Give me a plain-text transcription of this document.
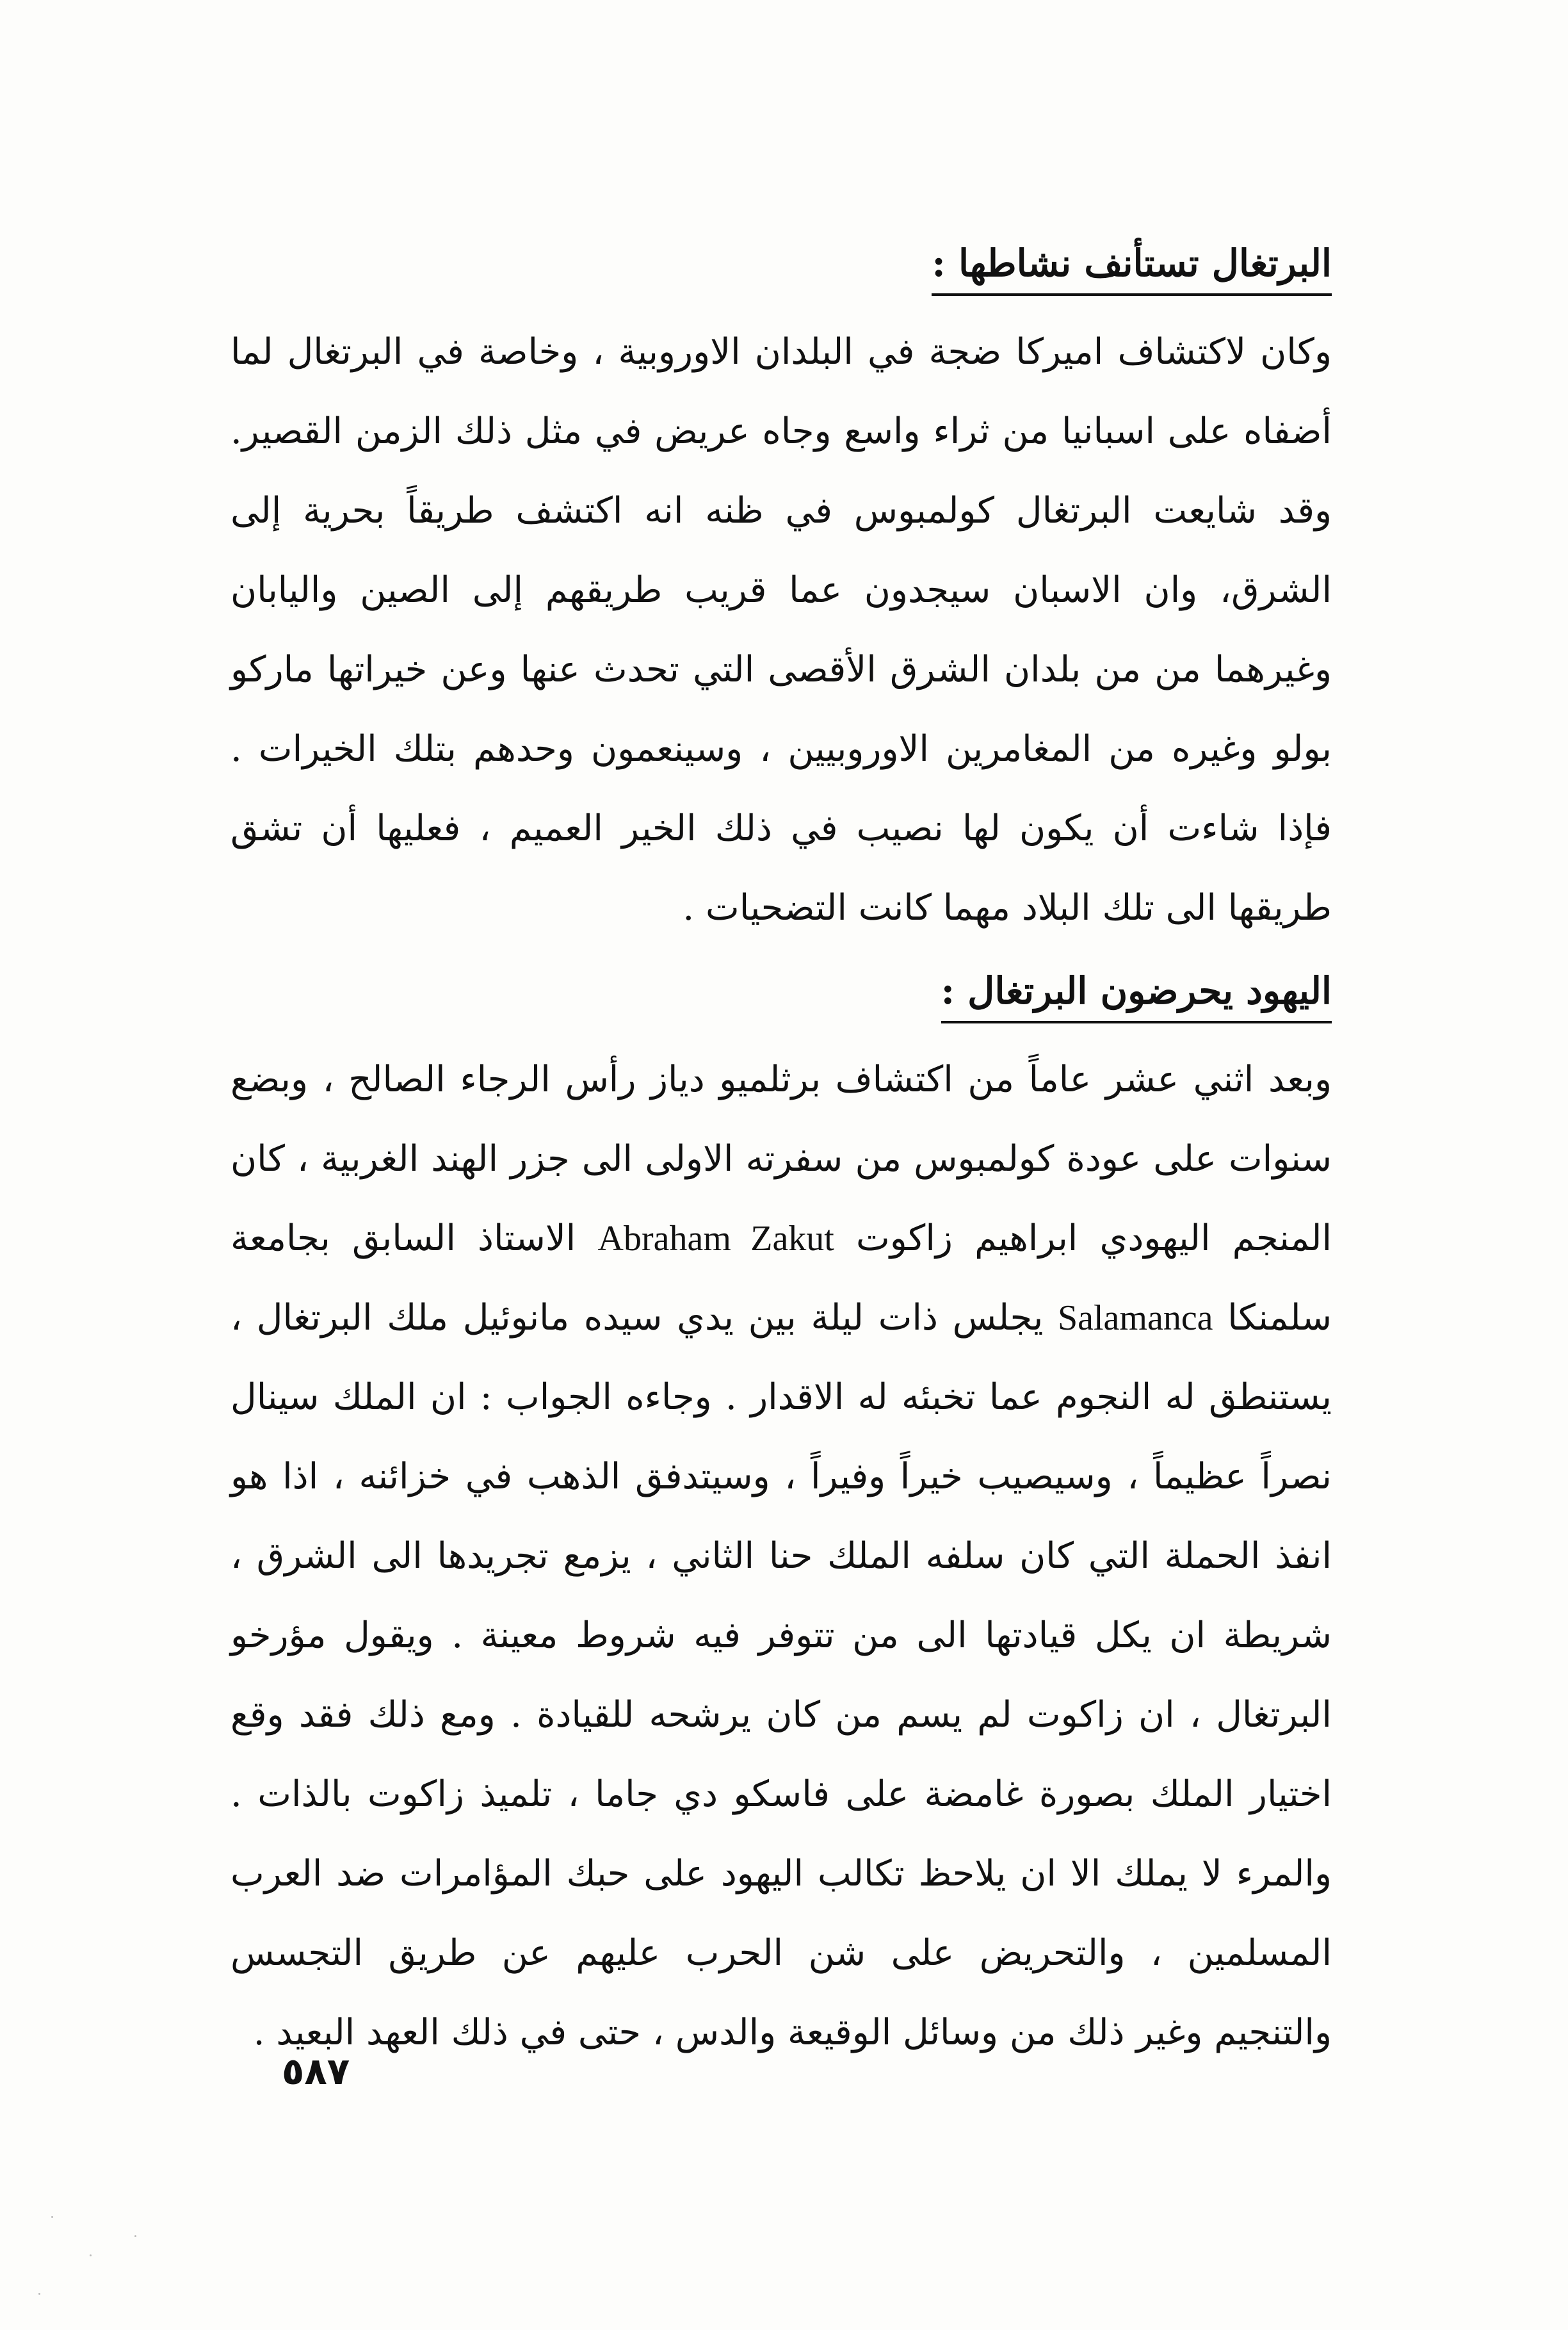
البرتغال تستأنف نشاطها :

وكان لاكتشاف اميركا ضجة في البلدان الاوروبية ، وخاصة في البرتغال لما أضفاه على اسبانيا من ثراء واسع وجاه عريض في مثل ذلك الزمن القصير. وقد شايعت البرتغال كولمبوس في ظنه انه اكتشف طريقاً بحرية إلى الشرق، وان الاسبان سيجدون عما قريب طريقهم إلى الصين واليابان وغيرهما من من بلدان الشرق الأقصى التي تحدث عنها وعن خيراتها ماركو بولو وغيره من المغامرين الاوروبيين ، وسينعمون وحدهم بتلك الخيرات . فإذا شاءت أن يكون لها نصيب في ذلك الخير العميم ، فعليها أن تشق طريقها الى تلك البلاد مهما كانت التضحيات .

اليهود يحرضون البرتغال :

وبعد اثني عشر عاماً من اكتشاف برثلميو دياز رأس الرجاء الصالح ، وبضع سنوات على عودة كولمبوس من سفرته الاولى الى جزر الهند الغربية ، كان المنجم اليهودي ابراهيم زاكوت Abraham Zakut الاستاذ السابق بجامعة سلمنكا Salamanca يجلس ذات ليلة بين يدي سيده مانوئيل ملك البرتغال ، يستنطق له النجوم عما تخبئه له الاقدار . وجاءه الجواب : ان الملك سينال نصراً عظيماً ، وسيصيب خيراً وفيراً ، وسيتدفق الذهب في خزائنه ، اذا هو انفذ الحملة التي كان سلفه الملك حنا الثاني ، يزمع تجريدها الى الشرق ، شريطة ان يكل قيادتها الى من تتوفر فيه شروط معينة . ويقول مؤرخو البرتغال ، ان زاكوت لم يسم من كان يرشحه للقيادة . ومع ذلك فقد وقع اختيار الملك بصورة غامضة على فاسكو دي جاما ، تلميذ زاكوت بالذات . والمرء لا يملك الا ان يلاحظ تكالب اليهود على حبك المؤامرات ضد العرب المسلمين ، والتحريض على شن الحرب عليهم عن طريق التجسس والتنجيم وغير ذلك من وسائل الوقيعة والدس ، حتى في ذلك العهد البعيد .

٥٨٧
